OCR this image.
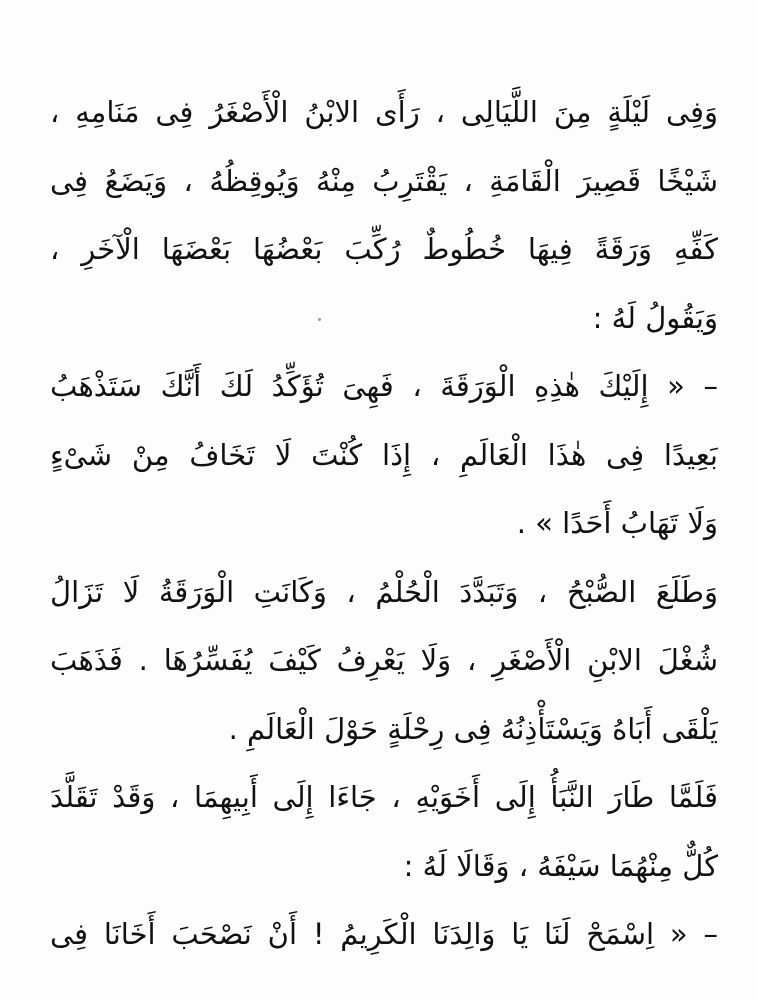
وَفِى لَيْلَةٍ مِنَ اللَّيَالِى ، رَأَى الابْنُ الْأَصْغَرُ فِى مَنَامِهِ ،
شَيْخًا قَصِيرَ الْقَامَةِ ، يَقْتَرِبُ مِنْهُ وَيُوقِظُهُ ، وَيَضَعُ فِى
كَفِّهِ وَرَقَةً فِيهَا خُطُوطٌ رُكِّبَ بَعْضُهَا بَعْضَهَا الْآخَرِ ،
وَيَقُولُ لَهُ :
– « إِلَيْكَ هٰذِهِ الْوَرَقَةَ ، فَهِىَ تُؤَكِّدُ لَكَ أَنَّكَ سَتَذْهَبُ
بَعِيدًا فِى هٰذَا الْعَالَمِ ، إِذَا كُنْتَ لَا تَخَافُ مِنْ شَىْءٍ
وَلَا تَهَابُ أَحَدًا » .
وَطَلَعَ الصُّبْحُ ، وَتَبَدَّدَ الْحُلْمُ ، وَكَانَتِ الْوَرَقَةُ لَا تَزَالُ
شُغْلَ الابْنِ الْأَصْغَرِ ، وَلَا يَعْرِفُ كَيْفَ يُفَسِّرُهَا . فَذَهَبَ
يَلْقَى أَبَاهُ وَيَسْتَأْذِنُهُ فِى رِحْلَةٍ حَوْلَ الْعَالَمِ .
فَلَمَّا طَارَ النَّبَأُ إِلَى أَخَوَيْهِ ، جَاءَا إِلَى أَبِيهِمَا ، وَقَدْ تَقَلَّدَ
كُلٌّ مِنْهُمَا سَيْفَهُ ، وَقَالَا لَهُ :
– « اِسْمَحْ لَنَا يَا وَالِدَنَا الْكَرِيمُ ! أَنْ نَصْحَبَ أَخَانَا فِى
